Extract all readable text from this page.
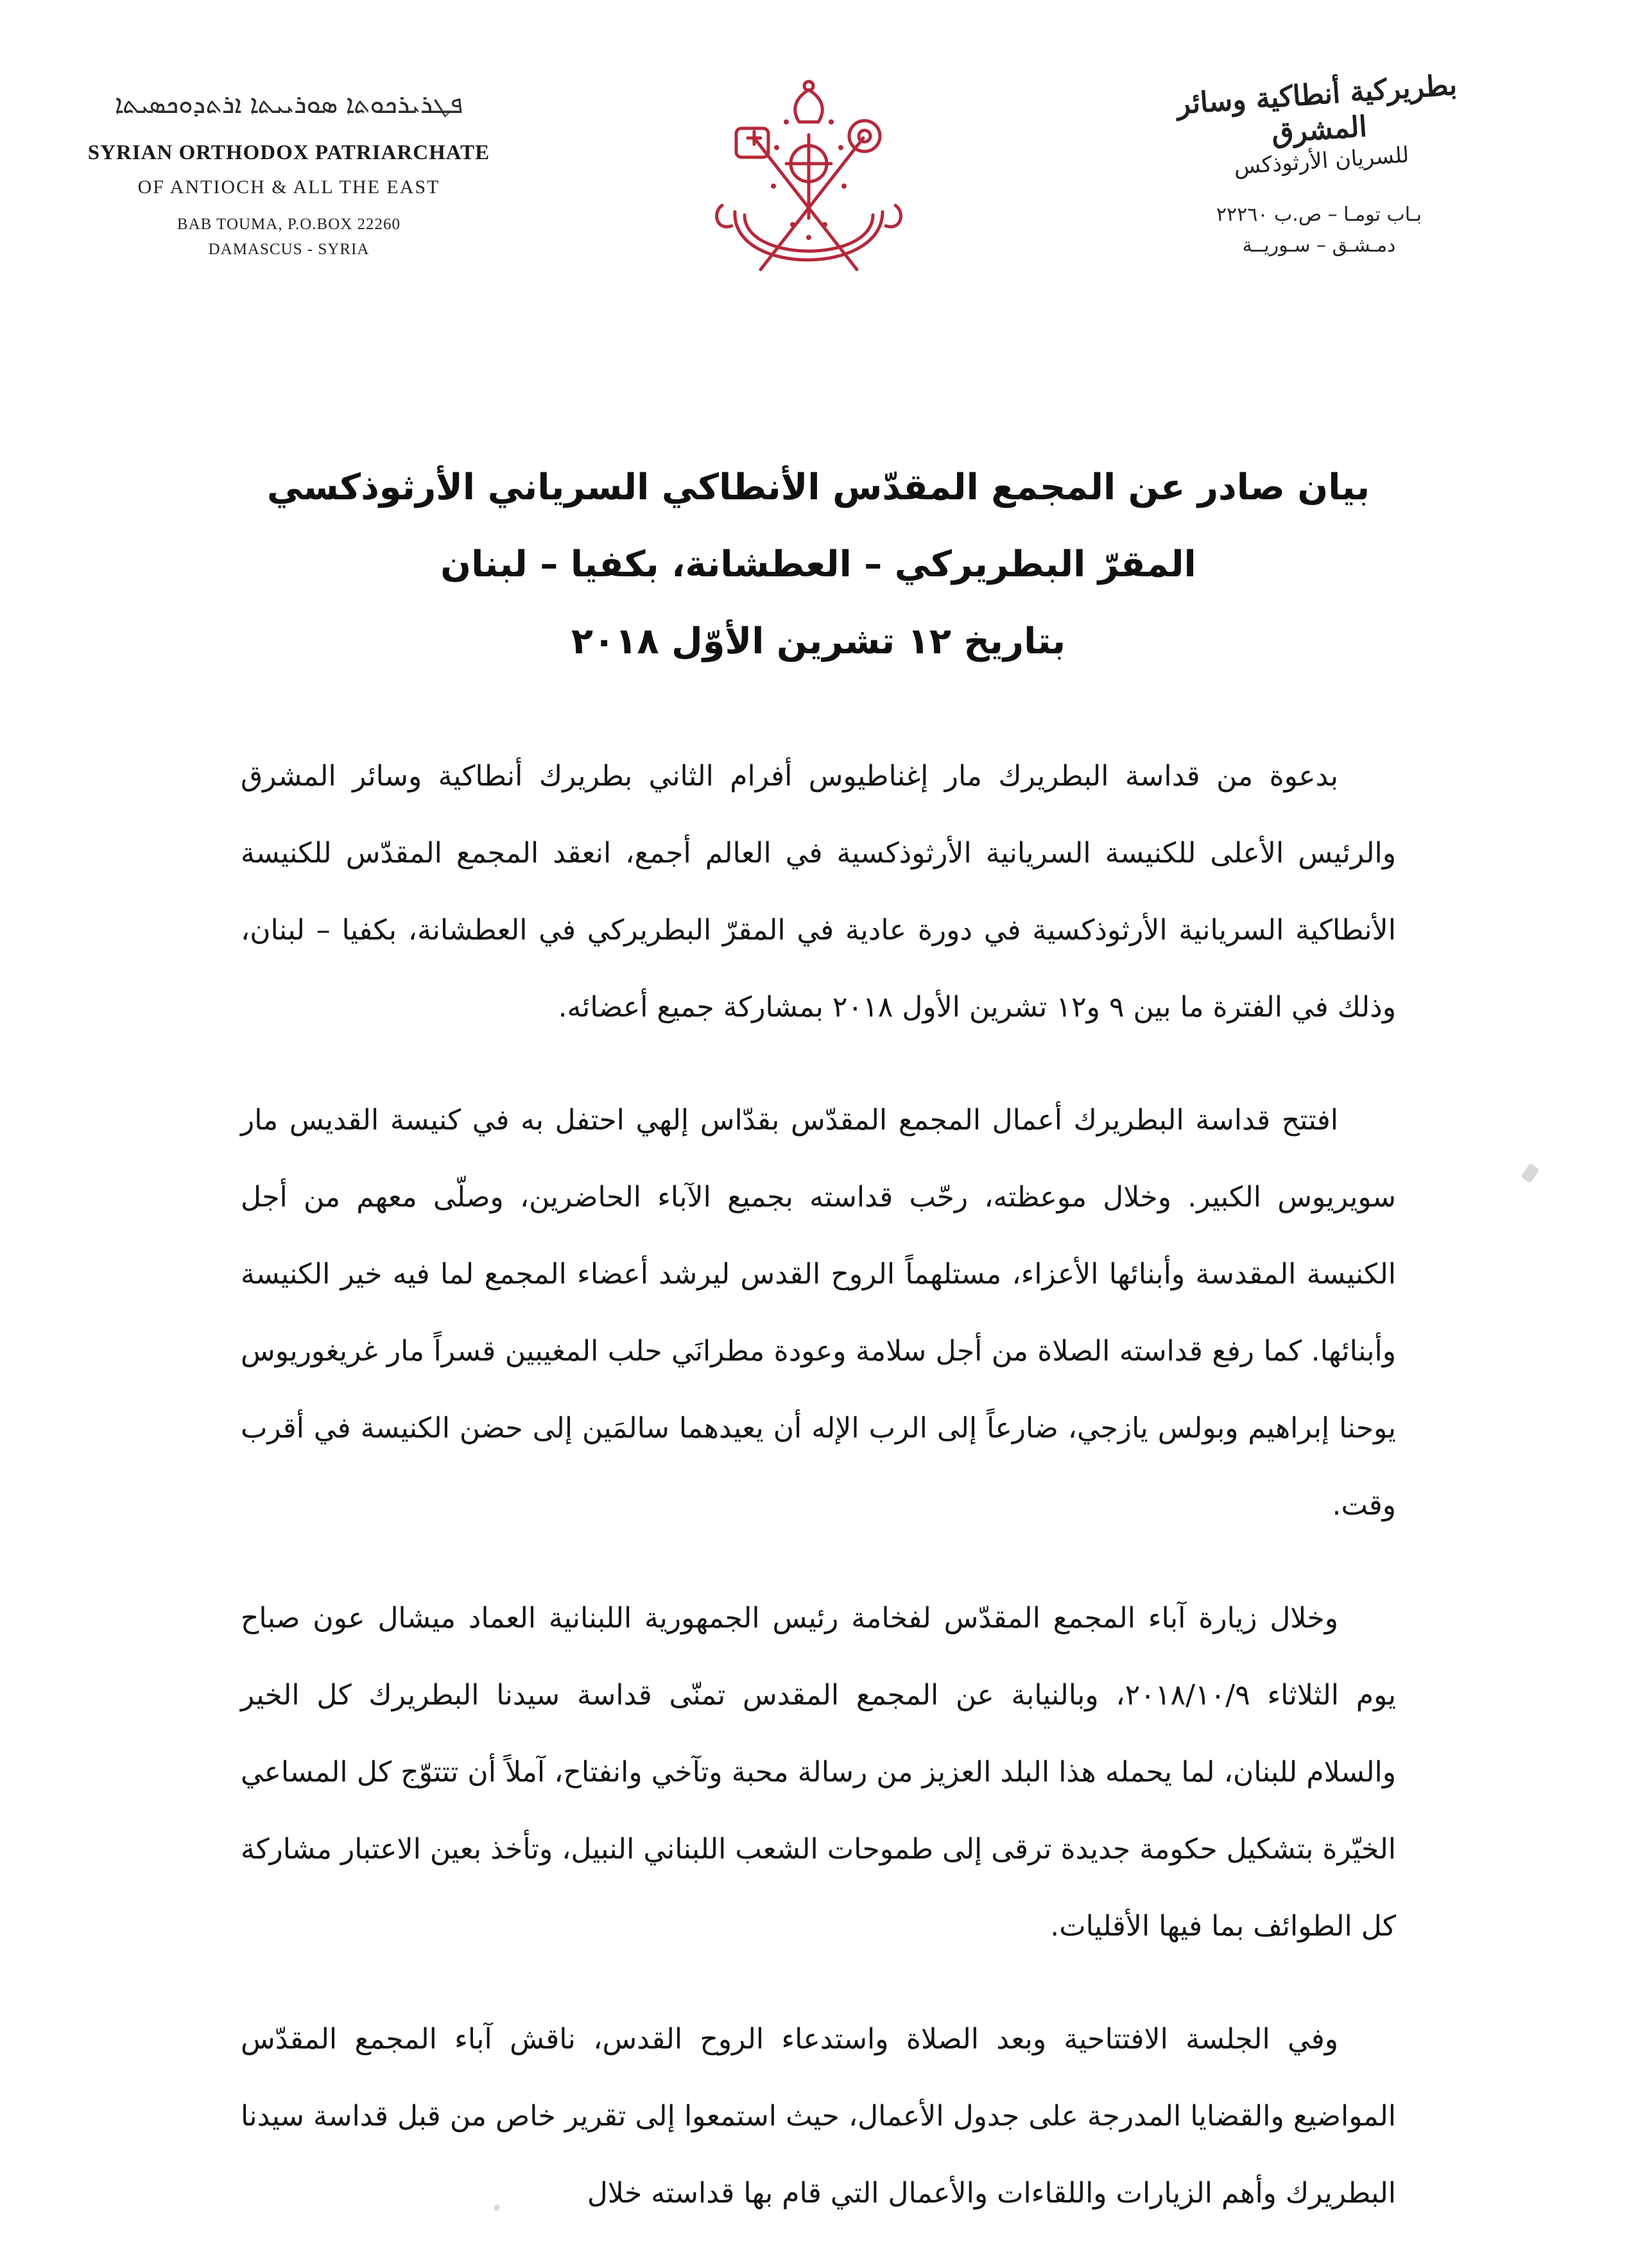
ܦܛܪܝܪܟܘܬܐ ܣܘܪܝܝܬܐ ܐܪܬܕܘܟܣܝܬܐ
SYRIAN ORTHODOX PATRIARCHATE
OF ANTIOCH & ALL THE EAST
BAB TOUMA, P.O.BOX 22260
DAMASCUS - SYRIA
بطريركية أنطاكية وسائر المشرق
للسريان الأرثوذكس
بـاب تومـا – ص.ب ٢٢٢٦٠
دمـشـق – سـوريــة
بيان صادر عن المجمع المقدّس الأنطاكي السرياني الأرثوذكسي
المقرّ البطريركي – العطشانة، بكفيا – لبنان
بتاريخ ١٢ تشرين الأوّل ٢٠١٨

بدعوة من قداسة البطريرك مار إغناطيوس أفرام الثاني بطريرك أنطاكية وسائر المشرق والرئيس الأعلى للكنيسة السريانية الأرثوذكسية في العالم أجمع، انعقد المجمع المقدّس للكنيسة الأنطاكية السريانية الأرثوذكسية في دورة عادية في المقرّ البطريركي في العطشانة، بكفيا – لبنان، وذلك في الفترة ما بين ٩ و١٢ تشرين الأول ٢٠١٨ بمشاركة جميع أعضائه.

افتتح قداسة البطريرك أعمال المجمع المقدّس بقدّاس إلهي احتفل به في كنيسة القديس مار سويريوس الكبير. وخلال موعظته، رحّب قداسته بجميع الآباء الحاضرين، وصلّى معهم من أجل الكنيسة المقدسة وأبنائها الأعزاء، مستلهماً الروح القدس ليرشد أعضاء المجمع لما فيه خير الكنيسة وأبنائها. كما رفع قداسته الصلاة من أجل سلامة وعودة مطرانَي حلب المغيبين قسراً مار غريغوريوس يوحنا إبراهيم وبولس يازجي، ضارعاً إلى الرب الإله أن يعيدهما سالمَين إلى حضن الكنيسة في أقرب وقت.

وخلال زيارة آباء المجمع المقدّس لفخامة رئيس الجمهورية اللبنانية العماد ميشال عون صباح يوم الثلاثاء ٢٠١٨/١٠/٩، وبالنيابة عن المجمع المقدس تمنّى قداسة سيدنا البطريرك كل الخير والسلام للبنان، لما يحمله هذا البلد العزيز من رسالة محبة وتآخي وانفتاح، آملاً أن تتتوّج كل المساعي الخيّرة بتشكيل حكومة جديدة ترقى إلى طموحات الشعب اللبناني النبيل، وتأخذ بعين الاعتبار مشاركة كل الطوائف بما فيها الأقليات.

وفي الجلسة الافتتاحية وبعد الصلاة واستدعاء الروح القدس، ناقش آباء المجمع المقدّس المواضيع والقضايا المدرجة على جدول الأعمال، حيث استمعوا إلى تقرير خاص من قبل قداسة سيدنا البطريرك وأهم الزيارات واللقاءات والأعمال التي قام بها قداسته خلال
